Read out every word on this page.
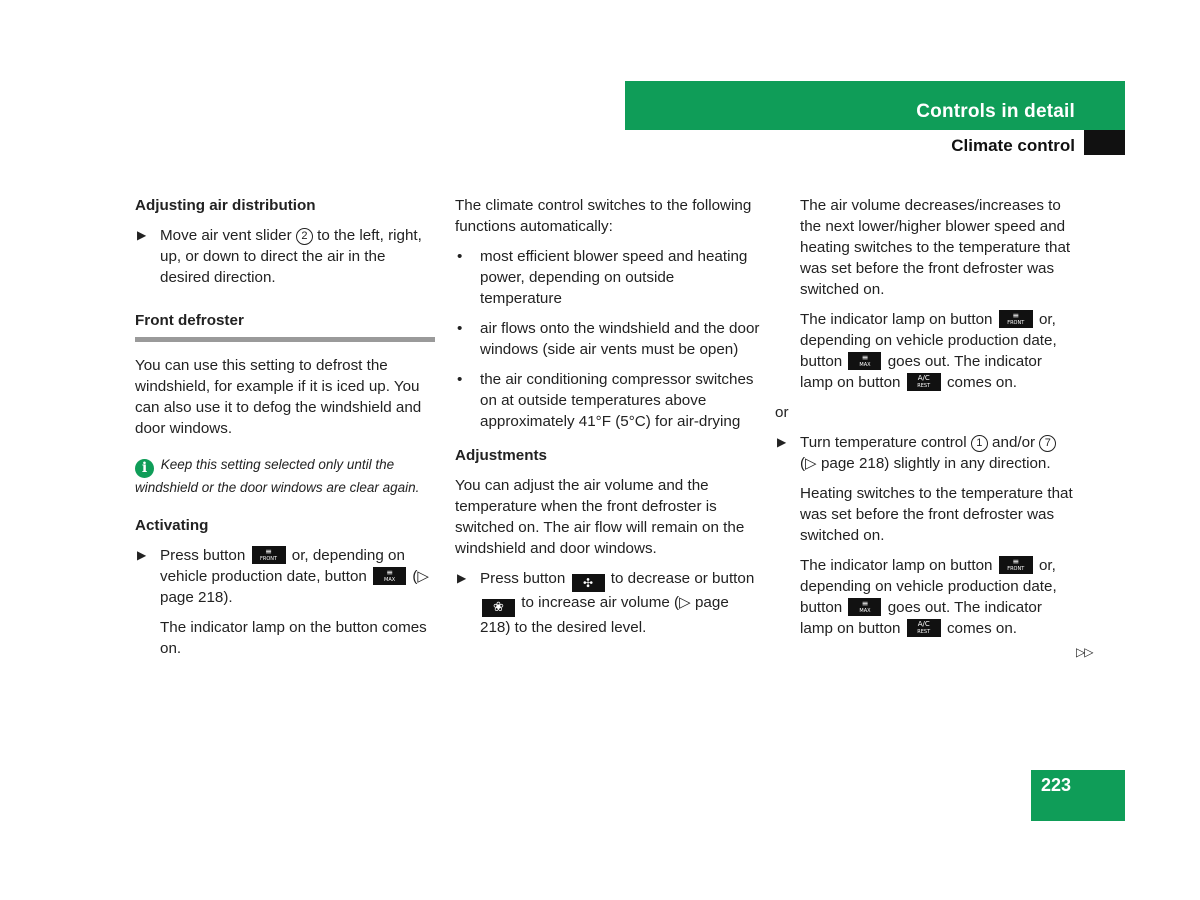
Controls in detail
Climate control
Adjusting air distribution
▶ Move air vent slider 2 to the left, right, up, or down to direct the air in the desired direction.
Front defroster

You can use this setting to defrost the windshield, for example if it is iced up. You can also use it to defog the windshield and door windows.

i Keep this setting selected only until the windshield or the door windows are clear again.
Activating
▶ Press button	≡
FRONT or, depending on vehicle production date, button	≡
MAX	(▷ page 218).

The indicator lamp on the button comes on.

The climate control switches to the following functions automatically:

• most efficient blower speed and heating power, depending on outside temperature
• air flows onto the windshield and the door windows (side air vents must be open)
• the air conditioning compressor switches on at outside temperatures above approximately 41°F (5°C) for air-drying
Adjustments

You can adjust the air volume and the temperature when the front defroster is switched on. The air flow will remain on the windshield and door windows.

▶ Press button ✣ to decrease or button ❀ to increase air volume (▷ page 218) to the desired level.

The air volume decreases/increases to the next lower/higher blower speed and heating switches to the temperature that was set before the front defroster was switched on.

The indicator lamp on button	≡
FRONT or, depending on vehicle production date, button	≡
MAX	goes out. The indicator lamp on button	A/C
REST	comes on.

or

▶ Turn temperature control 1 and/or 7 (▷ page 218) slightly in any direction.

Heating switches to the temperature that was set before the front defroster was switched on.

The indicator lamp on button	≡
FRONT or, depending on vehicle production date, button	≡
MAX	goes out. The indicator lamp on button	A/C
REST	comes on.

▷▷
223
